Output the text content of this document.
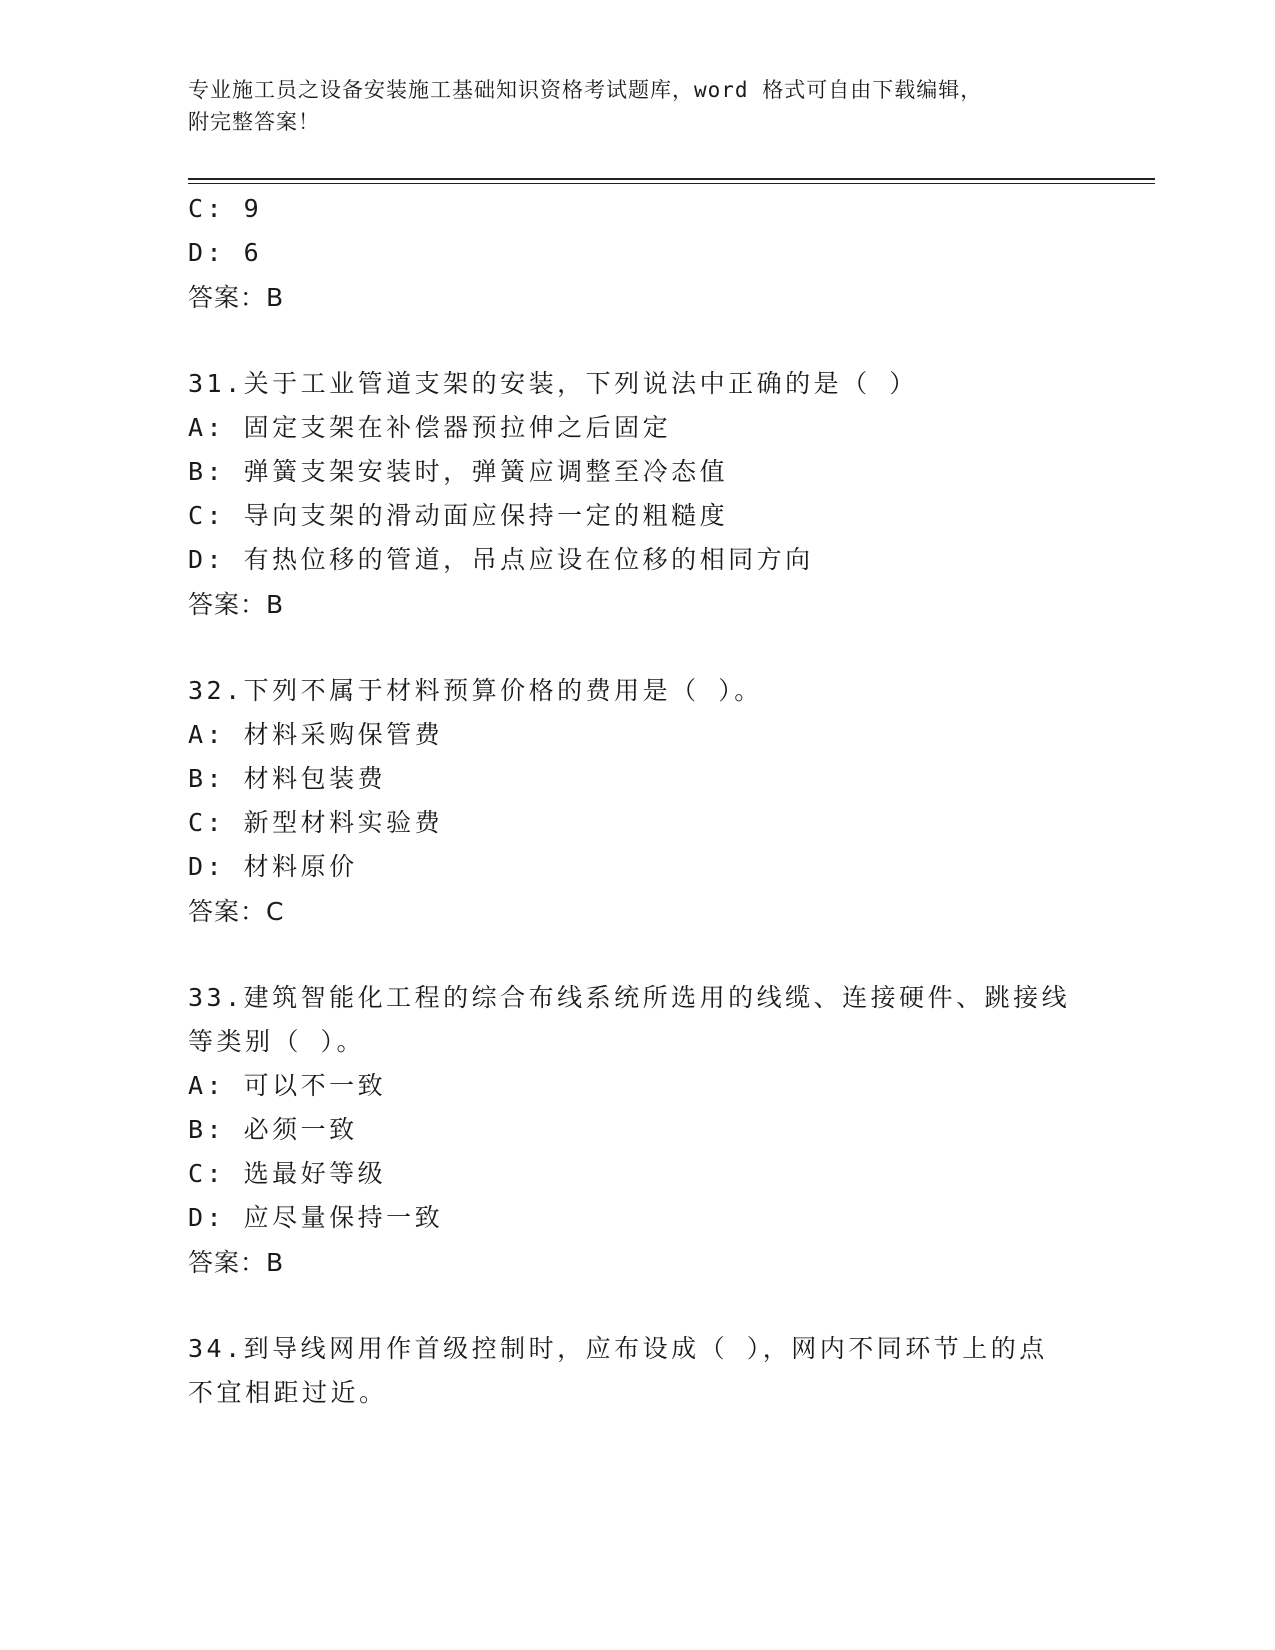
专业施工员之设备安装施工基础知识资格考试题库，word 格式可自由下载编辑，
附完整答案！
C: 9
D: 6
答案：B
31.关于工业管道支架的安装，下列说法中正确的是（ ）
A: 固定支架在补偿器预拉伸之后固定
B: 弹簧支架安装时，弹簧应调整至冷态值
C: 导向支架的滑动面应保持一定的粗糙度
D: 有热位移的管道，吊点应设在位移的相同方向
答案：B
32.下列不属于材料预算价格的费用是（ ）。
A: 材料采购保管费
B: 材料包装费
C: 新型材料实验费
D: 材料原价
答案：C
33.建筑智能化工程的综合布线系统所选用的线缆、连接硬件、跳接线
等类别（ ）。
A: 可以不一致
B: 必须一致
C: 选最好等级
D: 应尽量保持一致
答案：B
34.到导线网用作首级控制时，应布设成（ ），网内不同环节上的点
不宜相距过近。
